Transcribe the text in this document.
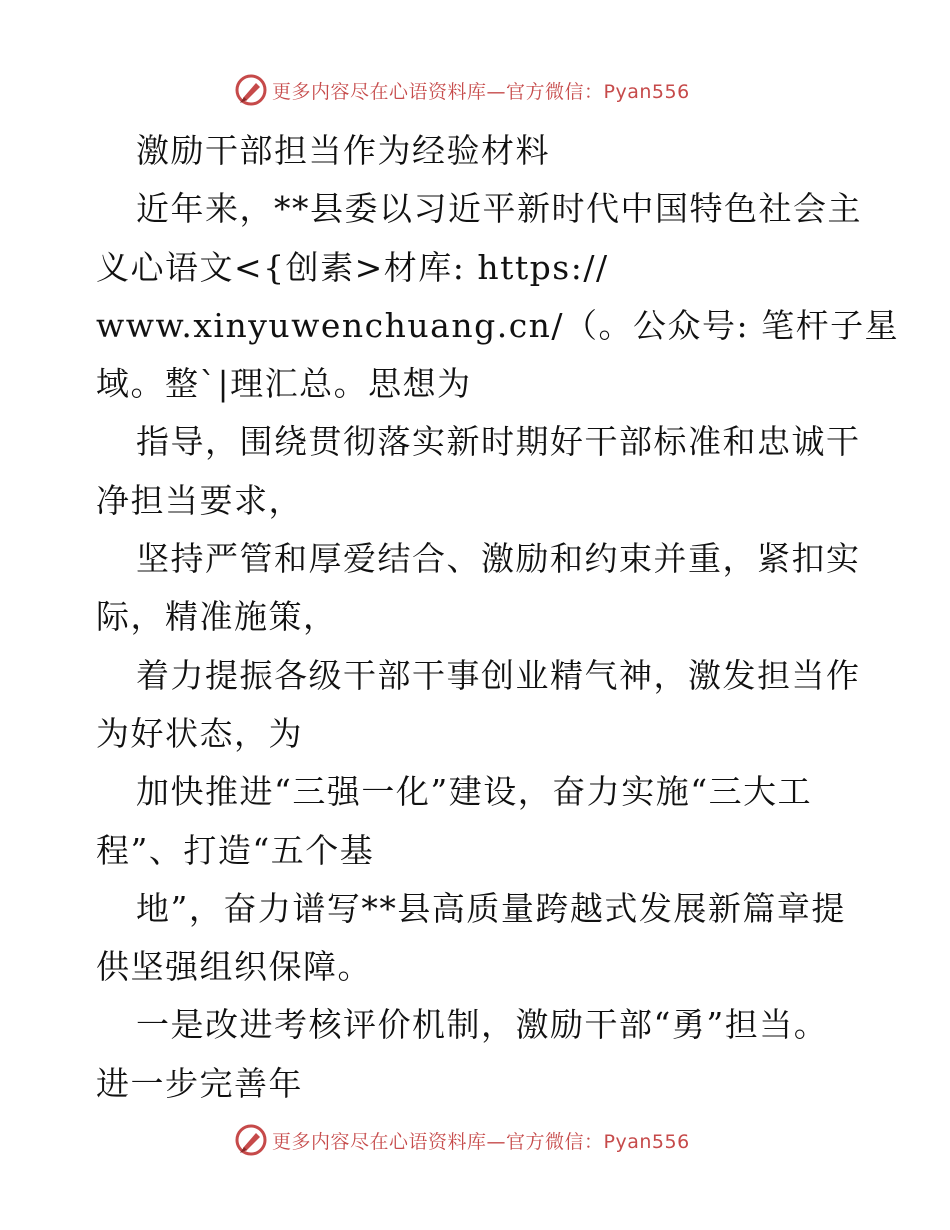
更多内容尽在心语资料库—官方微信：Pyan556
激励干部担当作为经验材料
近年来，**县委以习近平新时代中国特色社会主
义心语文<{创素>材库: https://
www.xinyuwenchuang.cn/（。公众号: 笔杆子星
域。整`|理汇总。思想为
指导，围绕贯彻落实新时期好干部标准和忠诚干
净担当要求，
坚持严管和厚爱结合、激励和约束并重，紧扣实
际，精准施策，
着力提振各级干部干事创业精气神，激发担当作
为好状态，为
加快推进“三强一化”建设，奋力实施“三大工
程”、打造“五个基
地”，奋力谱写**县高质量跨越式发展新篇章提
供坚强组织保障。
一是改进考核评价机制，激励干部“勇”担当。
进一步完善年
更多内容尽在心语资料库—官方微信：Pyan556
